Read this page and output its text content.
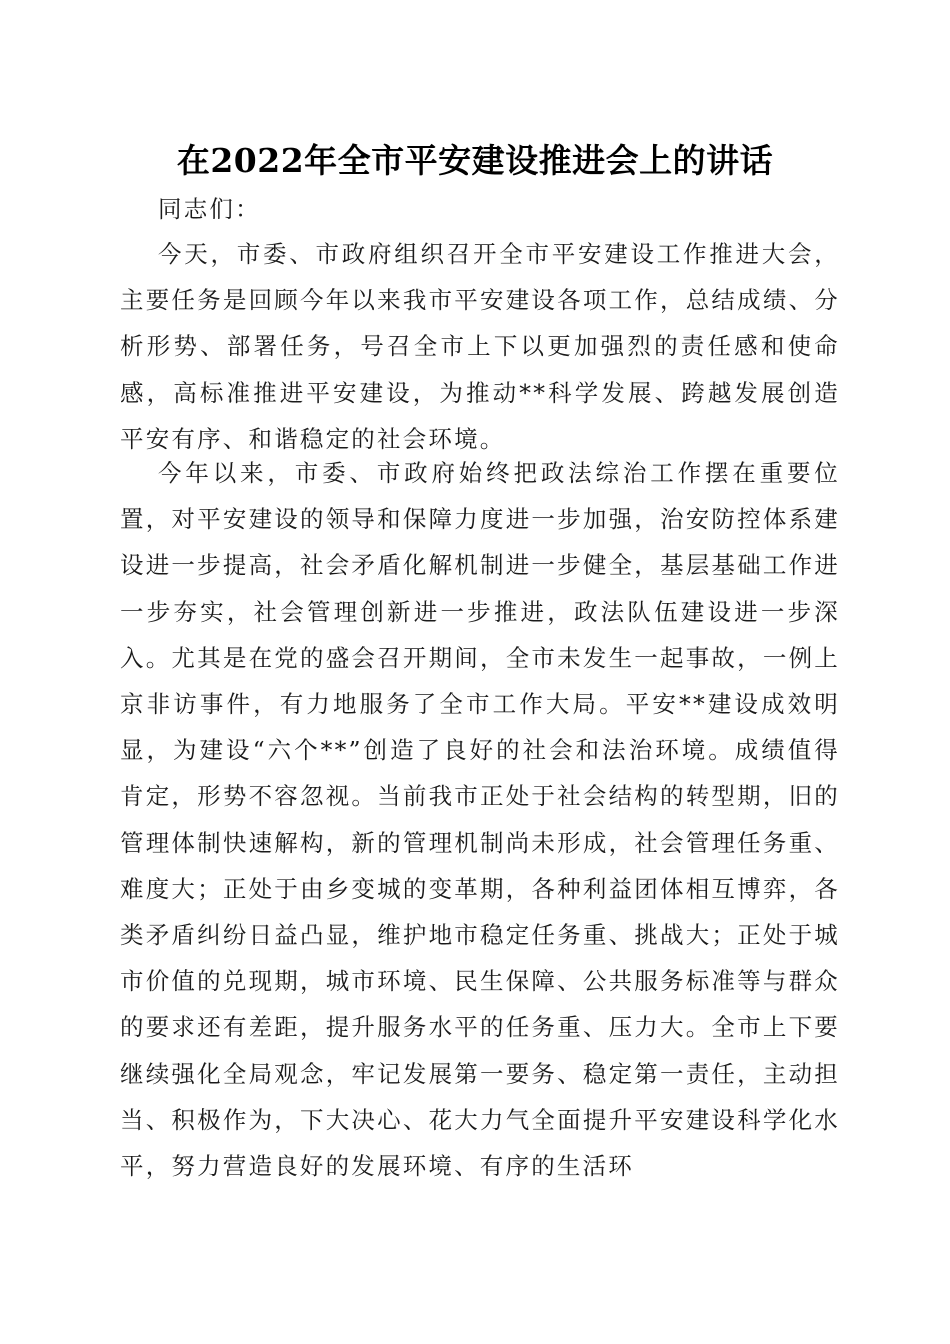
在2022年全市平安建设推进会上的讲话
同志们：

今天，市委、市政府组织召开全市平安建设工作推进大会，主要任务是回顾今年以来我市平安建设各项工作，总结成绩、分析形势、部署任务，号召全市上下以更加强烈的责任感和使命感，高标准推进平安建设，为推动**科学发展、跨越发展创造平安有序、和谐稳定的社会环境。

今年以来，市委、市政府始终把政法综治工作摆在重要位置，对平安建设的领导和保障力度进一步加强，治安防控体系建设进一步提高，社会矛盾化解机制进一步健全，基层基础工作进一步夯实，社会管理创新进一步推进，政法队伍建设进一步深入。尤其是在党的盛会召开期间，全市未发生一起事故，一例上京非访事件，有力地服务了全市工作大局。平安**建设成效明显，为建设“六个**”创造了良好的社会和法治环境。成绩值得肯定，形势不容忽视。当前我市正处于社会结构的转型期，旧的管理体制快速解构，新的管理机制尚未形成，社会管理任务重、难度大；正处于由乡变城的变革期，各种利益团体相互博弈，各类矛盾纠纷日益凸显，维护地市稳定任务重、挑战大；正处于城市价值的兑现期，城市环境、民生保障、公共服务标准等与群众的要求还有差距，提升服务水平的任务重、压力大。全市上下要继续强化全局观念，牢记发展第一要务、稳定第一责任，主动担当、积极作为，下大决心、花大力气全面提升平安建设科学化水平，努力营造良好的发展环境、有序的生活环
